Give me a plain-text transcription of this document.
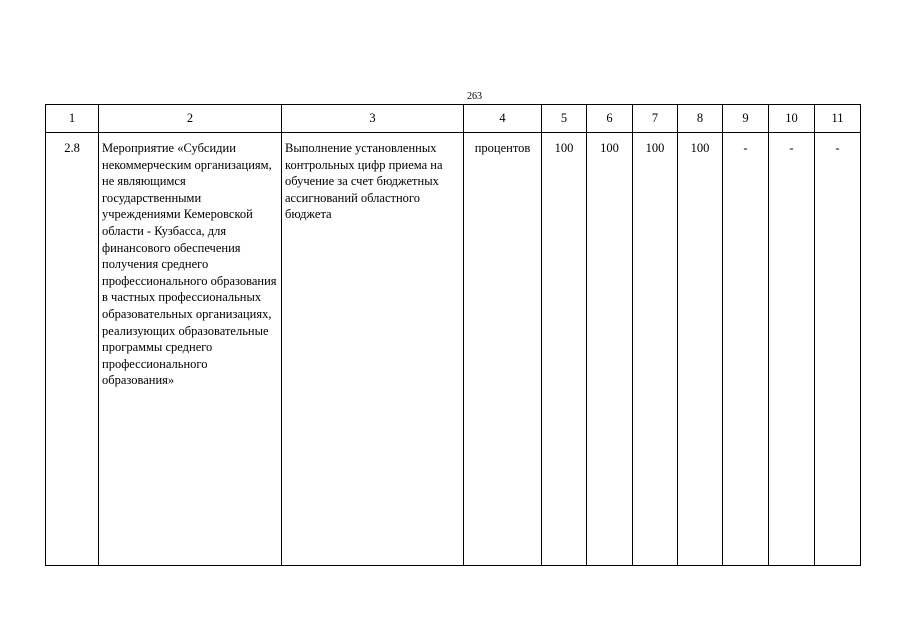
263
1	2	3	4	5	6	7	8	9	10	11
2.8	Мероприятие «Субсидии некоммерческим организациям, не являющимся государственными учреждениями Кемеровской области - Кузбасса, для финансового обеспечения получения среднего профессионального образования в частных профессиональных образовательных организациях, реализующих образовательные программы среднего профессионального образования»	Выполнение установленных контрольных цифр приема на обучение за счет бюджетных ассигнований областного бюджета	процентов	100	100	100	100	-	-	-
